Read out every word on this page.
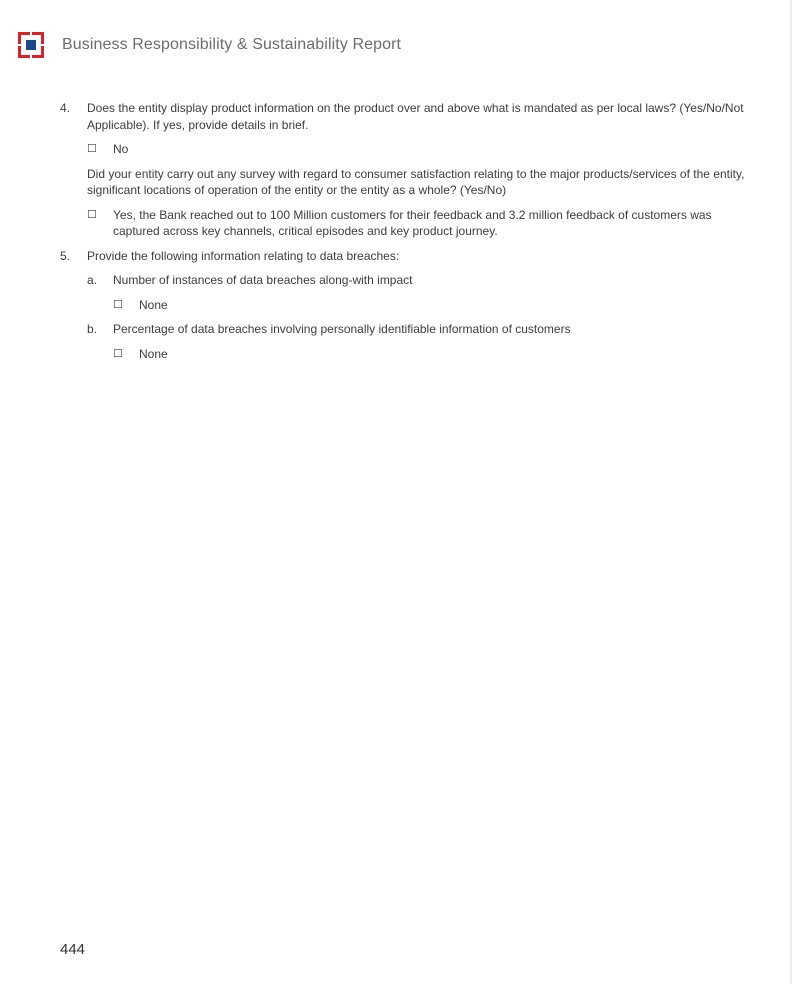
Business Responsibility & Sustainability Report
4.	Does the entity display product information on the product over and above what is mandated as per local laws? (Yes/No/Not Applicable). If yes, provide details in brief.
☐	No
Did your entity carry out any survey with regard to consumer satisfaction relating to the major products/services of the entity, significant locations of operation of the entity or the entity as a whole? (Yes/No)
☐	Yes, the Bank reached out to 100 Million customers for their feedback and 3.2 million feedback of customers was captured across key channels, critical episodes and key product journey.
5.	Provide the following information relating to data breaches:
a.	Number of instances of data breaches along-with impact
☐	None
b.	Percentage of data breaches involving personally identifiable information of customers
☐	None
444
